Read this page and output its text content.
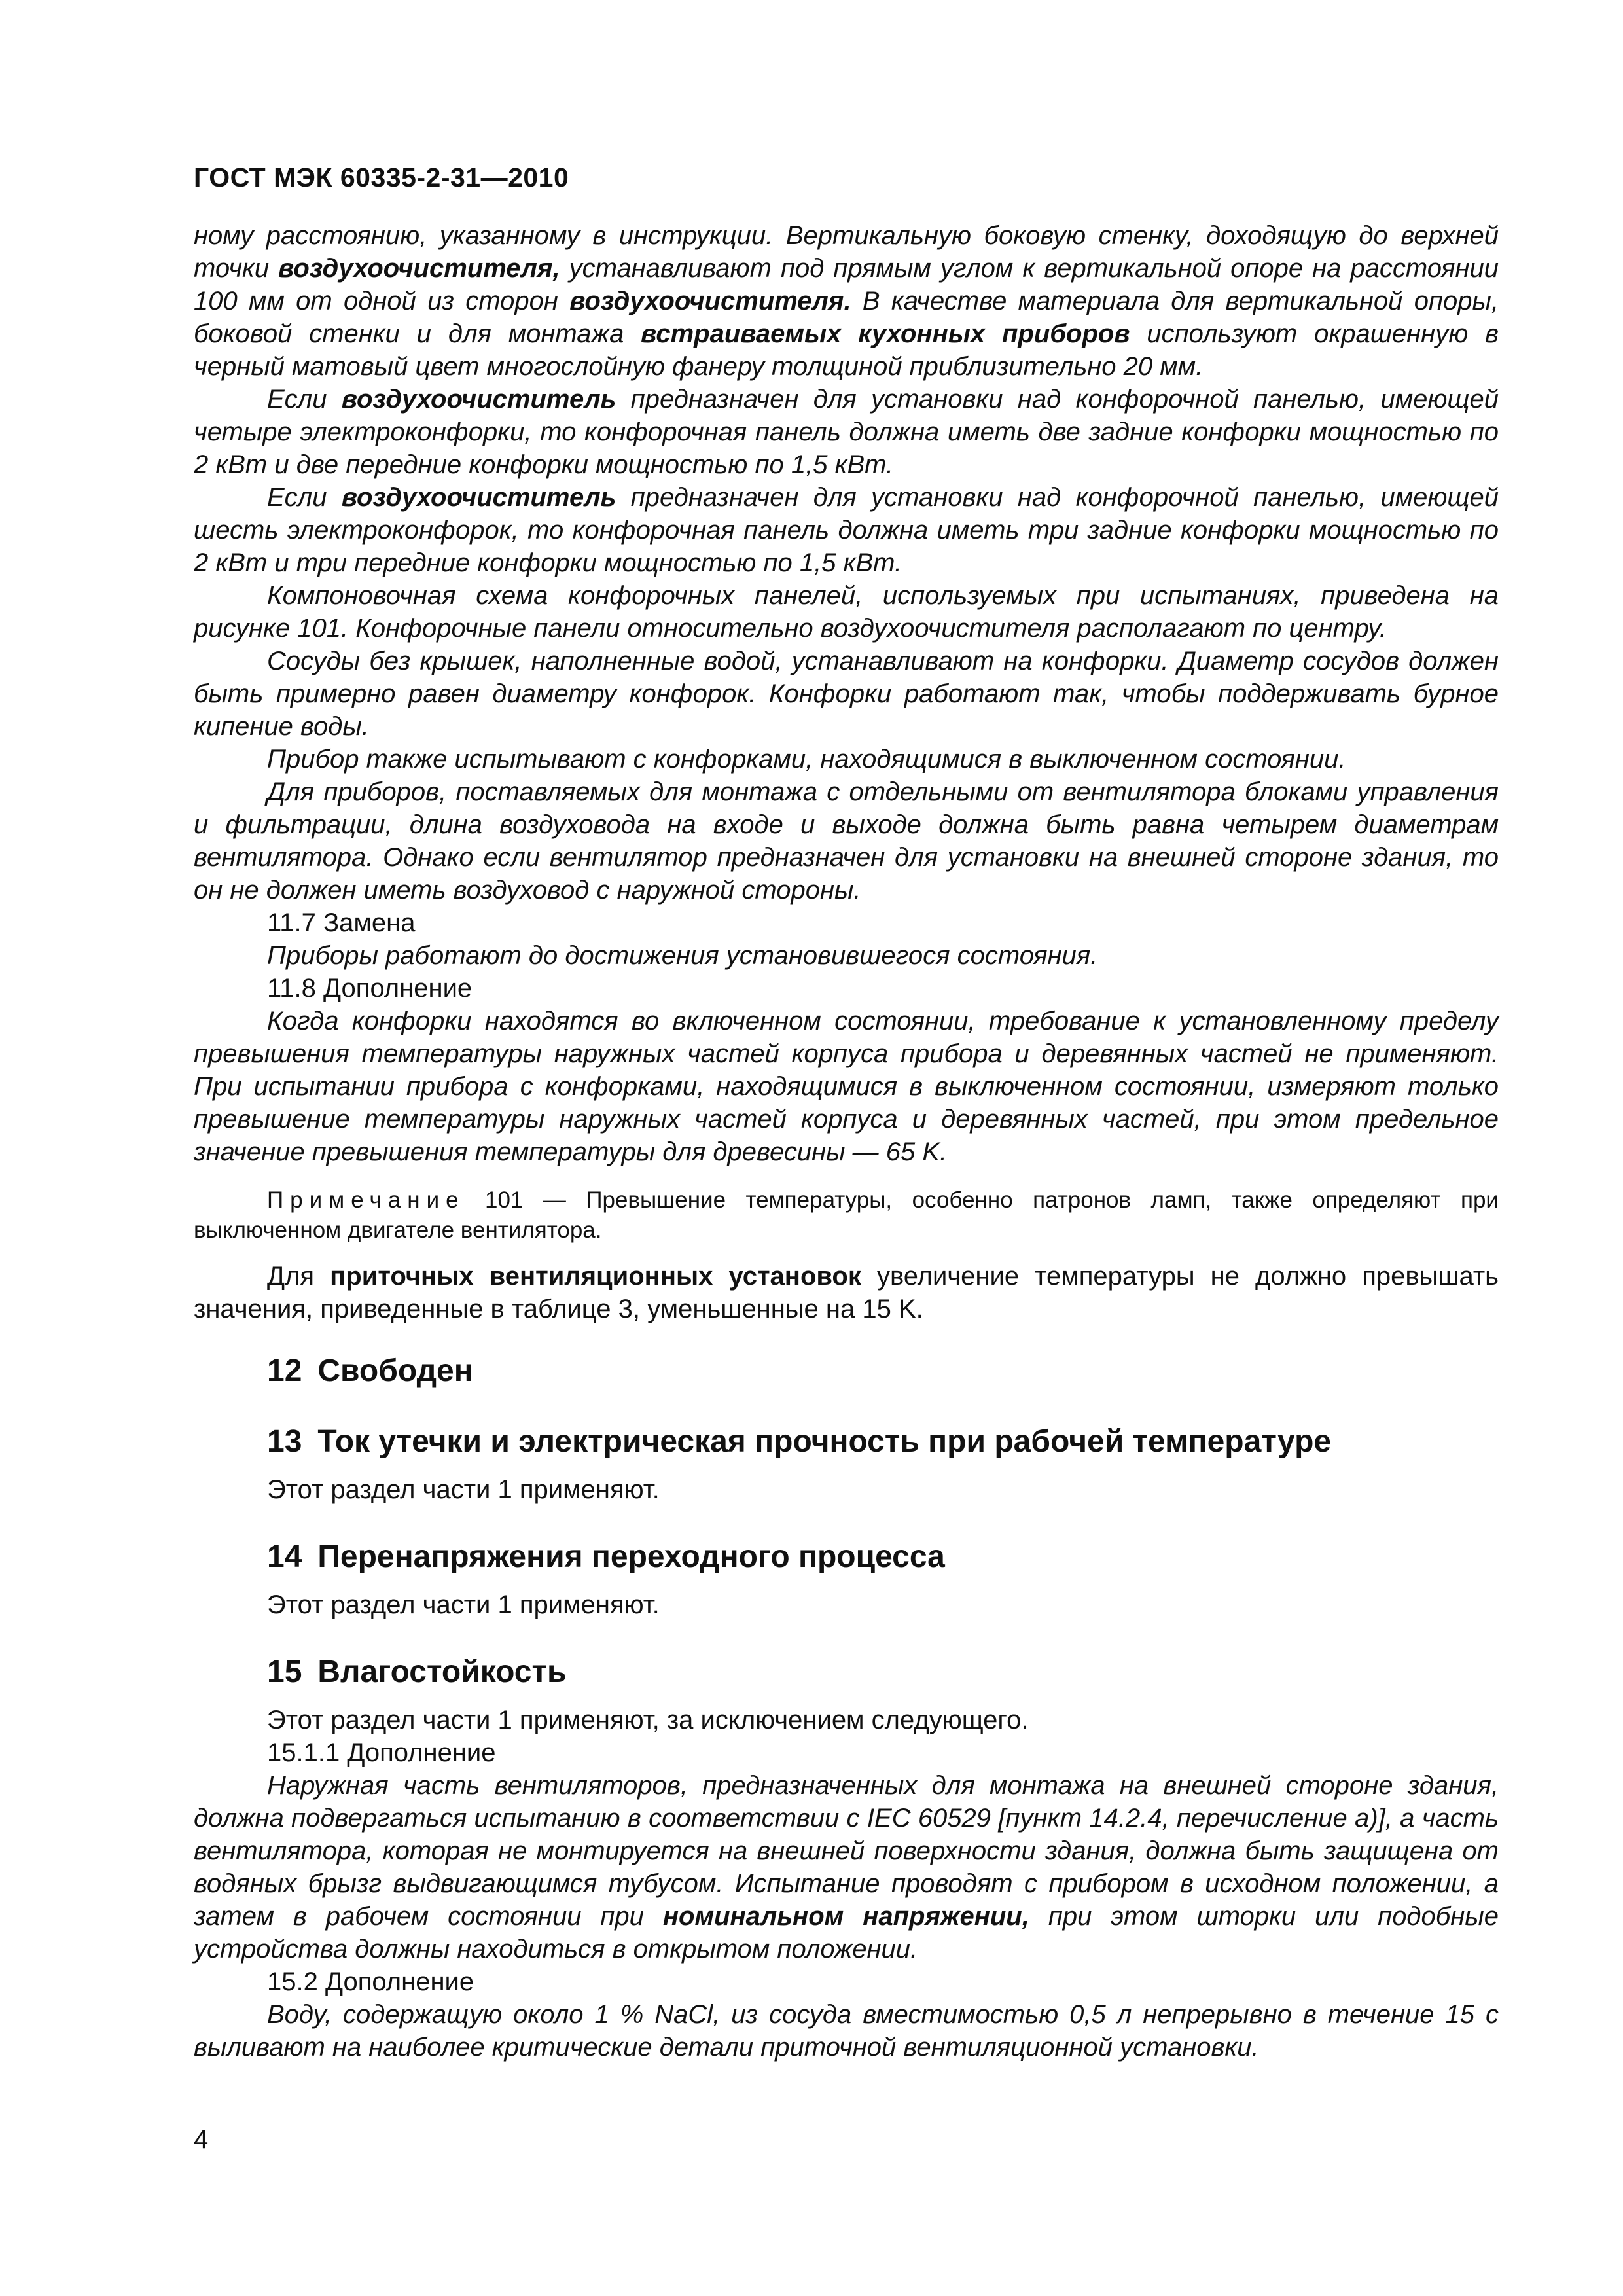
ГОСТ МЭК 60335-2-31—2010

ному расстоянию, указанному в инструкции. Вертикальную боковую стенку, доходящую до верхней точки воздухоочистителя, устанавливают под прямым углом к вертикальной опоре на расстоянии 100 мм от одной из сторон воздухоочистителя. В качестве материала для вертикальной опоры, боковой стенки и для монтажа встраиваемых кухонных приборов используют окрашенную в черный матовый цвет многослойную фанеру толщиной приблизительно 20 мм.

Если воздухоочиститель предназначен для установки над конфорочной панелью, имеющей четыре электроконфорки, то конфорочная панель должна иметь две задние конфорки мощностью по 2 кВт и две передние конфорки мощностью по 1,5 кВт.

Если воздухоочиститель предназначен для установки над конфорочной панелью, имеющей шесть электроконфорок, то конфорочная панель должна иметь три задние конфорки мощностью по 2 кВт и три передние конфорки мощностью по 1,5 кВт.

Компоновочная схема конфорочных панелей, используемых при испытаниях, приведена на рисунке 101. Конфорочные панели относительно воздухоочистителя располагают по центру.

Сосуды без крышек, наполненные водой, устанавливают на конфорки. Диаметр сосудов должен быть примерно равен диаметру конфорок. Конфорки работают так, чтобы поддерживать бурное кипение воды.

Прибор также испытывают с конфорками, находящимися в выключенном состоянии.

Для приборов, поставляемых для монтажа с отдельными от вентилятора блоками управления и фильтрации, длина воздуховода на входе и выходе должна быть равна четырем диаметрам вентилятора. Однако если вентилятор предназначен для установки на внешней стороне здания, то он не должен иметь воздуховод с наружной стороны.

11.7 Замена

Приборы работают до достижения установившегося состояния.

11.8 Дополнение

Когда конфорки находятся во включенном состоянии, требование к установленному пределу превышения температуры наружных частей корпуса прибора и деревянных частей не применяют. При испытании прибора с конфорками, находящимися в выключенном состоянии, измеряют только превышение температуры наружных частей корпуса и деревянных частей, при этом предельное значение превышения температуры для древесины — 65 K.

Примечание 101 — Превышение температуры, особенно патронов ламп, также определяют при выключенном двигателе вентилятора.

Для приточных вентиляционных установок увеличение температуры не должно превышать значения, приведенные в таблице 3, уменьшенные на 15 K.

12 Свободен
13 Ток утечки и электрическая прочность при рабочей температуре

Этот раздел части 1 применяют.

14 Перенапряжения переходного процесса

Этот раздел части 1 применяют.

15 Влагостойкость

Этот раздел части 1 применяют, за исключением следующего.

15.1.1 Дополнение

Наружная часть вентиляторов, предназначенных для монтажа на внешней стороне здания, должна подвергаться испытанию в соответствии с IEC 60529 [пункт 14.2.4, перечисление а)], а часть вентилятора, которая не монтируется на внешней поверхности здания, должна быть защищена от водяных брызг выдвигающимся тубусом. Испытание проводят с прибором в исходном положении, а затем в рабочем состоянии при номинальном напряжении, при этом шторки или подобные устройства должны находиться в открытом положении.

15.2 Дополнение

Воду, содержащую около 1 % NaCl, из сосуда вместимостью 0,5 л непрерывно в течение 15 с выливают на наиболее критические детали приточной вентиляционной установки.

4
